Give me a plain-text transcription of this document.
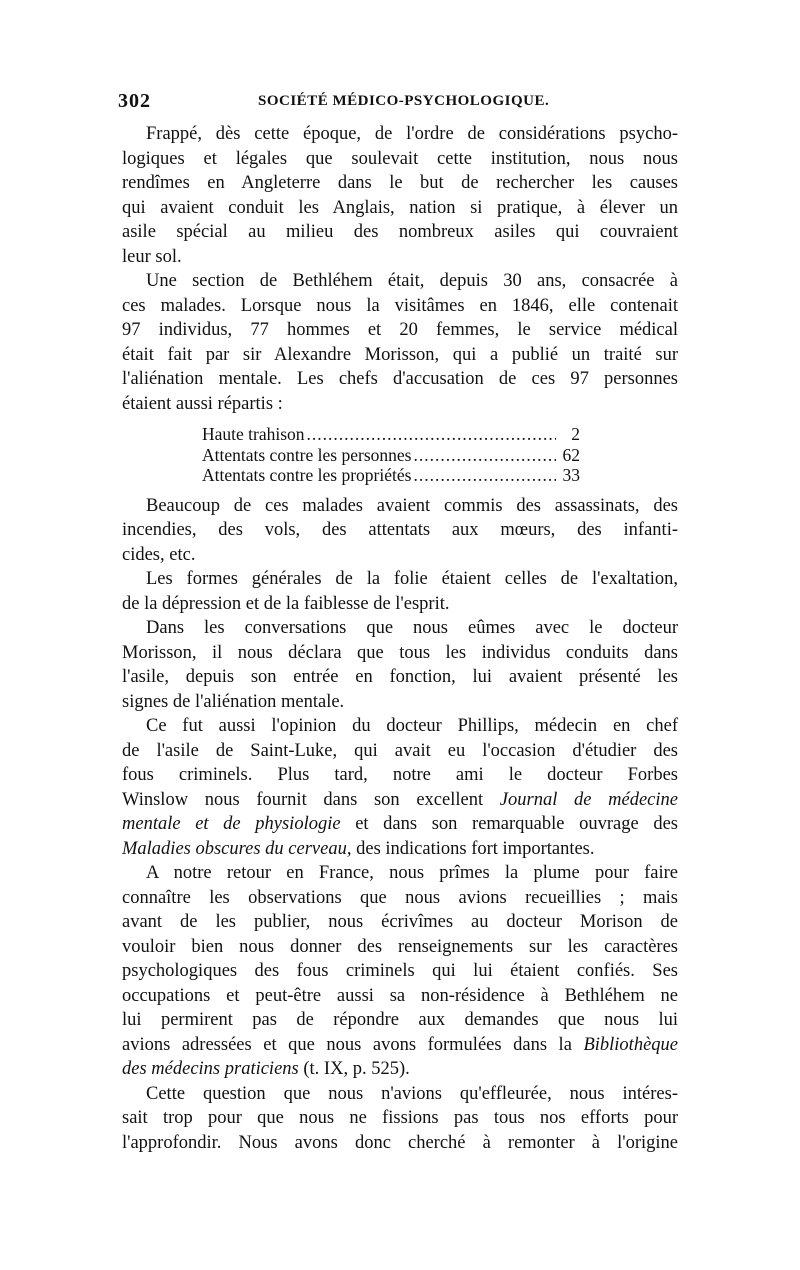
302	SOCIÉTÉ MÉDICO-PSYCHOLOGIQUE.
Frappé, dès cette époque, de l'ordre de considérations psycho-
logiques et légales que soulevait cette institution, nous nous
rendîmes en Angleterre dans le but de rechercher les causes
qui avaient conduit les Anglais, nation si pratique, à élever un
asile spécial au milieu des nombreux asiles qui couvraient
leur sol.
Une section de Bethléhem était, depuis 30 ans, consacrée à
ces malades. Lorsque nous la visitâmes en 1846, elle contenait
97 individus, 77 hommes et 20 femmes, le service médical
était fait par sir Alexandre Morisson, qui a publié un traité sur
l'aliénation mentale. Les chefs d'accusation de ces 97 personnes
étaient aussi répartis :
Haute trahison .....	2
Attentats contre les personnes .....	62
Attentats contre les propriétés .....	33
Beaucoup de ces malades avaient commis des assassinats, des
incendies, des vols, des attentats aux mœurs, des infanti-
cides, etc.
Les formes générales de la folie étaient celles de l'exaltation,
de la dépression et de la faiblesse de l'esprit.
Dans les conversations que nous eûmes avec le docteur
Morisson, il nous déclara que tous les individus conduits dans
l'asile, depuis son entrée en fonction, lui avaient présenté les
signes de l'aliénation mentale.
Ce fut aussi l'opinion du docteur Phillips, médecin en chef
de l'asile de Saint-Luke, qui avait eu l'occasion d'étudier des
fous criminels. Plus tard, notre ami le docteur Forbes
Winslow nous fournit dans son excellent Journal de médecine
mentale et de physiologie et dans son remarquable ouvrage des
Maladies obscures du cerveau, des indications fort importantes.
A notre retour en France, nous prîmes la plume pour faire
connaître les observations que nous avions recueillies ; mais
avant de les publier, nous écrivîmes au docteur Morison de
vouloir bien nous donner des renseignements sur les caractères
psychologiques des fous criminels qui lui étaient confiés. Ses
occupations et peut-être aussi sa non-résidence à Bethléhem ne
lui permirent pas de répondre aux demandes que nous lui
avions adressées et que nous avons formulées dans la Bibliothèque
des médecins praticiens (t. IX, p. 525).
Cette question que nous n'avions qu'effleurée, nous intéres-
sait trop pour que nous ne fissions pas tous nos efforts pour
l'approfondir. Nous avons donc cherché à remonter à l'origine
